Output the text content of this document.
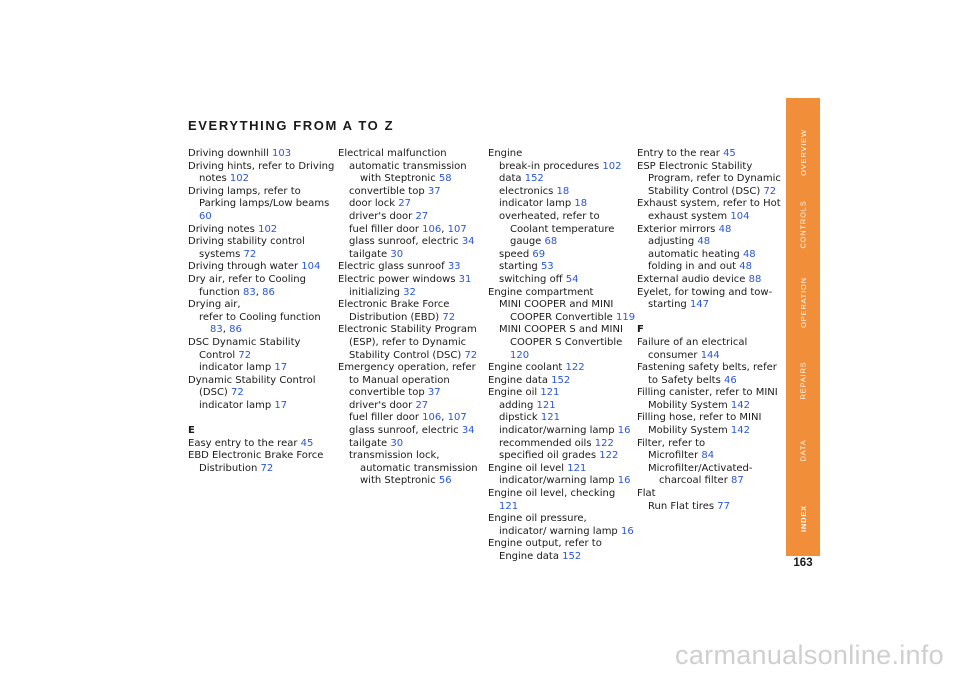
EVERYTHING FROM A TO Z
Driving downhill 103
Driving hints, refer to Driving notes 102
Driving lamps, refer to Parking lamps/Low beams 60
Driving notes 102
Driving stability control systems 72
Driving through water 104
Dry air, refer to Cooling function 83, 86
Drying air,
refer to Cooling function 83, 86
DSC Dynamic Stability Control 72
indicator lamp 17
Dynamic Stability Control (DSC) 72
indicator lamp 17
E
Easy entry to the rear 45
EBD Electronic Brake Force Distribution 72
Electrical malfunction
automatic transmission with Steptronic 58
convertible top 37
door lock 27
driver's door 27
fuel filler door 106, 107
glass sunroof, electric 34
tailgate 30
Electric glass sunroof 33
Electric power windows 31
initializing 32
Electronic Brake Force Distribution (EBD) 72
Electronic Stability Program (ESP), refer to Dynamic Stability Control (DSC) 72
Emergency operation, refer to Manual operation
convertible top 37
driver's door 27
fuel filler door 106, 107
glass sunroof, electric 34
tailgate 30
transmission lock, automatic transmission with Steptronic 56
Engine
break-in procedures 102
data 152
electronics 18
indicator lamp 18
overheated, refer to Coolant temperature gauge 68
speed 69
starting 53
switching off 54
Engine compartment
MINI COOPER and MINI COOPER Convertible 119
MINI COOPER S and MINI COOPER S Convertible 120
Engine coolant 122
Engine data 152
Engine oil 121
adding 121
dipstick 121
indicator/warning lamp 16
recommended oils 122
specified oil grades 122
Engine oil level 121
indicator/warning lamp 16
Engine oil level, checking 121
Engine oil pressure, indicator/ warning lamp 16
Engine output, refer to Engine data 152
Entry to the rear 45
ESP Electronic Stability Program, refer to Dynamic Stability Control (DSC) 72
Exhaust system, refer to Hot exhaust system 104
Exterior mirrors 48
adjusting 48
automatic heating 48
folding in and out 48
External audio device 88
Eyelet, for towing and tow-starting 147
F
Failure of an electrical consumer 144
Fastening safety belts, refer to Safety belts 46
Filling canister, refer to MINI Mobility System 142
Filling hose, refer to MINI Mobility System 142
Filter, refer to
Microfilter 84
Microfilter/Activated-charcoal filter 87
Flat
Run Flat tires 77
OVERVIEW
CONTROLS
OPERATION
REPAIRS
DATA
INDEX
163
carmanualsonline.info
